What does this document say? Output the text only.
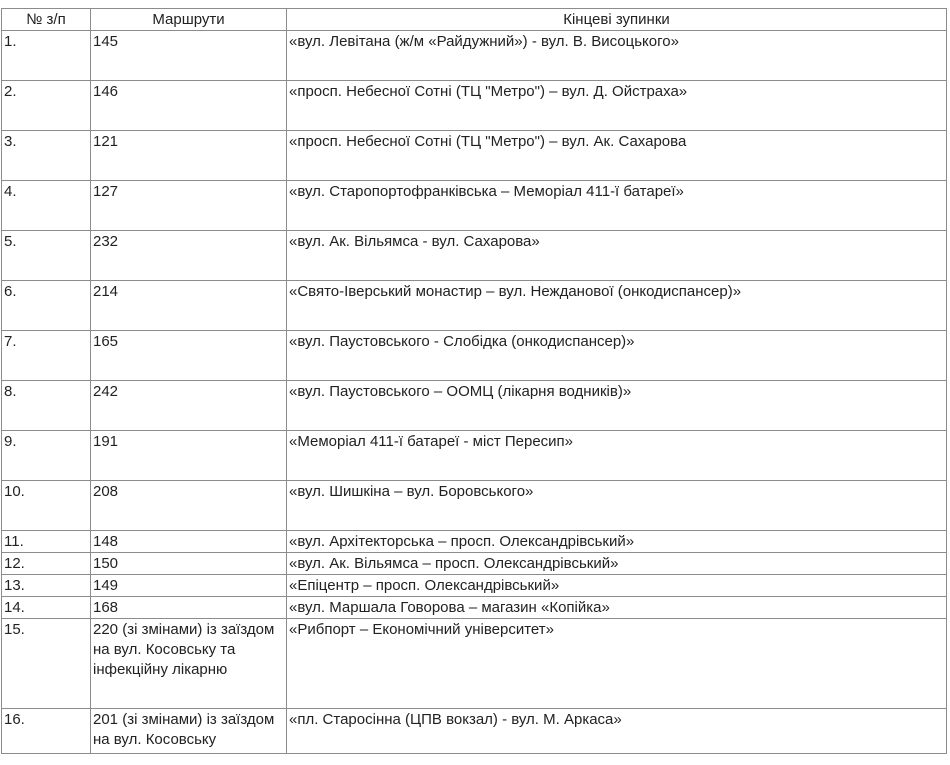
№ з/п	Маршрути	Кінцеві зупинки
1.	145	«вул. Левітана (ж/м «Райдужний») - вул. В. Висоцького»
2.	146	«просп. Небесної Сотні (ТЦ "Метро") – вул. Д. Ойстраха»
3.	121	«просп. Небесної Сотні (ТЦ "Метро") – вул. Ак. Сахарова
4.	127	«вул. Старопортофранківська – Меморіал 411-ї батареї»
5.	232	«вул. Ак. Вільямса - вул. Сахарова»
6.	214	«Свято-Іверський монастир – вул. Нежданової (онкодиспансер)»
7.	165	«вул. Паустовського - Слобідка (онкодиспансер)»
8.	242	«вул. Паустовського – ООМЦ (лікарня водників)»
9.	191	«Меморіал 411-ї батареї - міст Пересип»
10.	208	«вул. Шишкіна – вул. Боровського»
11.	148	«вул. Архітекторська – просп. Олександрівський»
12.	150	«вул. Ак. Вільямса – просп. Олександрівський»
13.	149	«Епіцентр – просп. Олександрівський»
14.	168	«вул. Маршала Говорова – магазин «Копійка»
15.	220 (зі змінами) із заїздом на вул. Косовську та інфекційну лікарню	«Рибпорт – Економічний університет»
16.	201 (зі змінами) із заїздом на вул. Косовську	«пл. Старосінна (ЦПВ вокзал) - вул. М. Аркаса»
